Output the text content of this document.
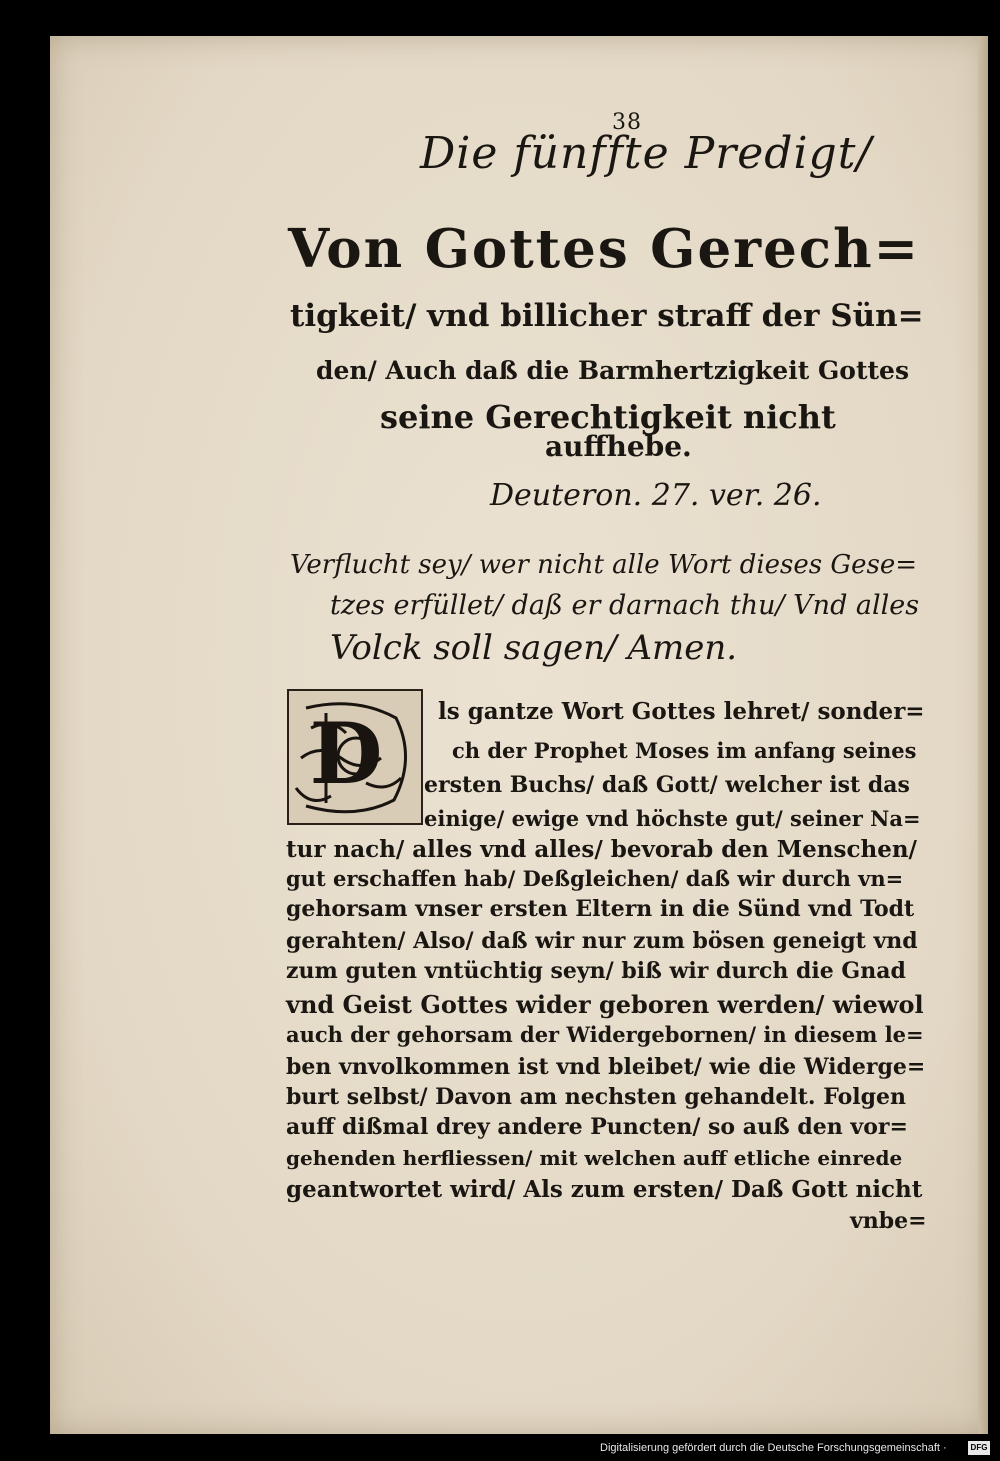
38
Die fünffte Predigt/
Von Gottes Gerech=
tigkeit/ vnd billicher straff der Sün=
den/ Auch daß die Barmhertzigkeit Gottes
seine Gerechtigkeit nicht
auffhebe.
Deuteron. 27. ver. 26.
Verflucht sey/ wer nicht alle Wort dieses Gese=
tzes erfüllet/ daß er darnach thu/ Vnd alles
Volck soll sagen/ Amen.
D ls gantze Wort Gottes lehret/ sonder=
ch der Prophet Moses im anfang seines
ersten Buchs/ daß Gott/ welcher ist das
einige/ ewige vnd höchste gut/ seiner Na=
tur nach/ alles vnd alles/ bevorab den Menschen/
gut erschaffen hab/ Deßgleichen/ daß wir durch vn=
gehorsam vnser ersten Eltern in die Sünd vnd Todt
gerahten/ Also/ daß wir nur zum bösen geneigt vnd
zum guten vntüchtig seyn/ biß wir durch die Gnad
vnd Geist Gottes wider geboren werden/ wiewol
auch der gehorsam der Widergebornen/ in diesem le=
ben vnvolkommen ist vnd bleibet/ wie die Widerge=
burt selbst/ Davon am nechsten gehandelt. Folgen
auff dißmal drey andere Puncten/ so auß den vor=
gehenden herfliessen/ mit welchen auff etliche einrede
geantwortet wird/ Als zum ersten/ Daß Gott nicht
vnbe=
Digitalisierung gefördert durch die Deutsche Forschungsgemeinschaft ·	DFG
